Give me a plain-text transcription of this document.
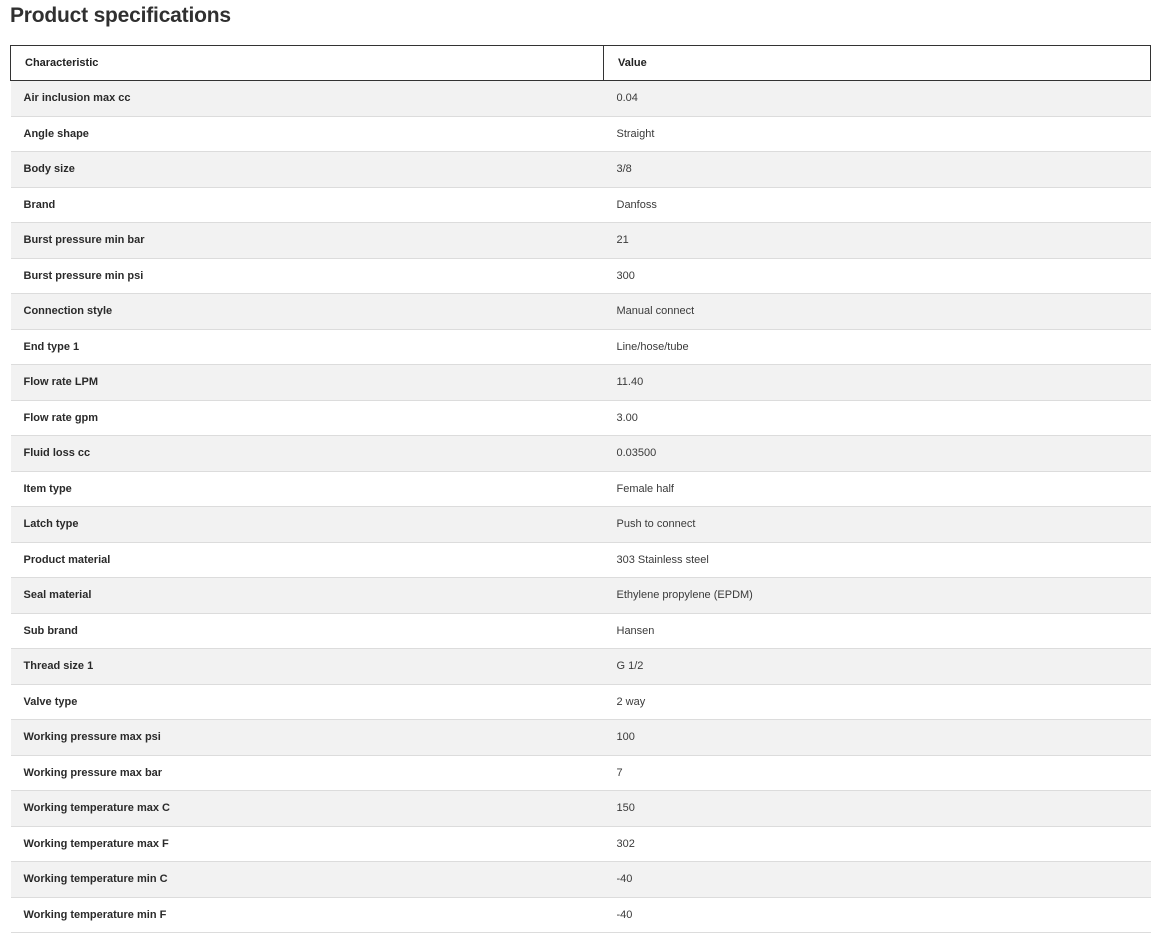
Product specifications
Characteristic	Value
Air inclusion max cc	0.04
Angle shape	Straight
Body size	3/8
Brand	Danfoss
Burst pressure min bar	21
Burst pressure min psi	300
Connection style	Manual connect
End type 1	Line/hose/tube
Flow rate LPM	11.40
Flow rate gpm	3.00
Fluid loss cc	0.03500
Item type	Female half
Latch type	Push to connect
Product material	303 Stainless steel
Seal material	Ethylene propylene (EPDM)
Sub brand	Hansen
Thread size 1	G 1/2
Valve type	2 way
Working pressure max psi	100
Working pressure max bar	7
Working temperature max C	150
Working temperature max F	302
Working temperature min C	-40
Working temperature min F	-40
